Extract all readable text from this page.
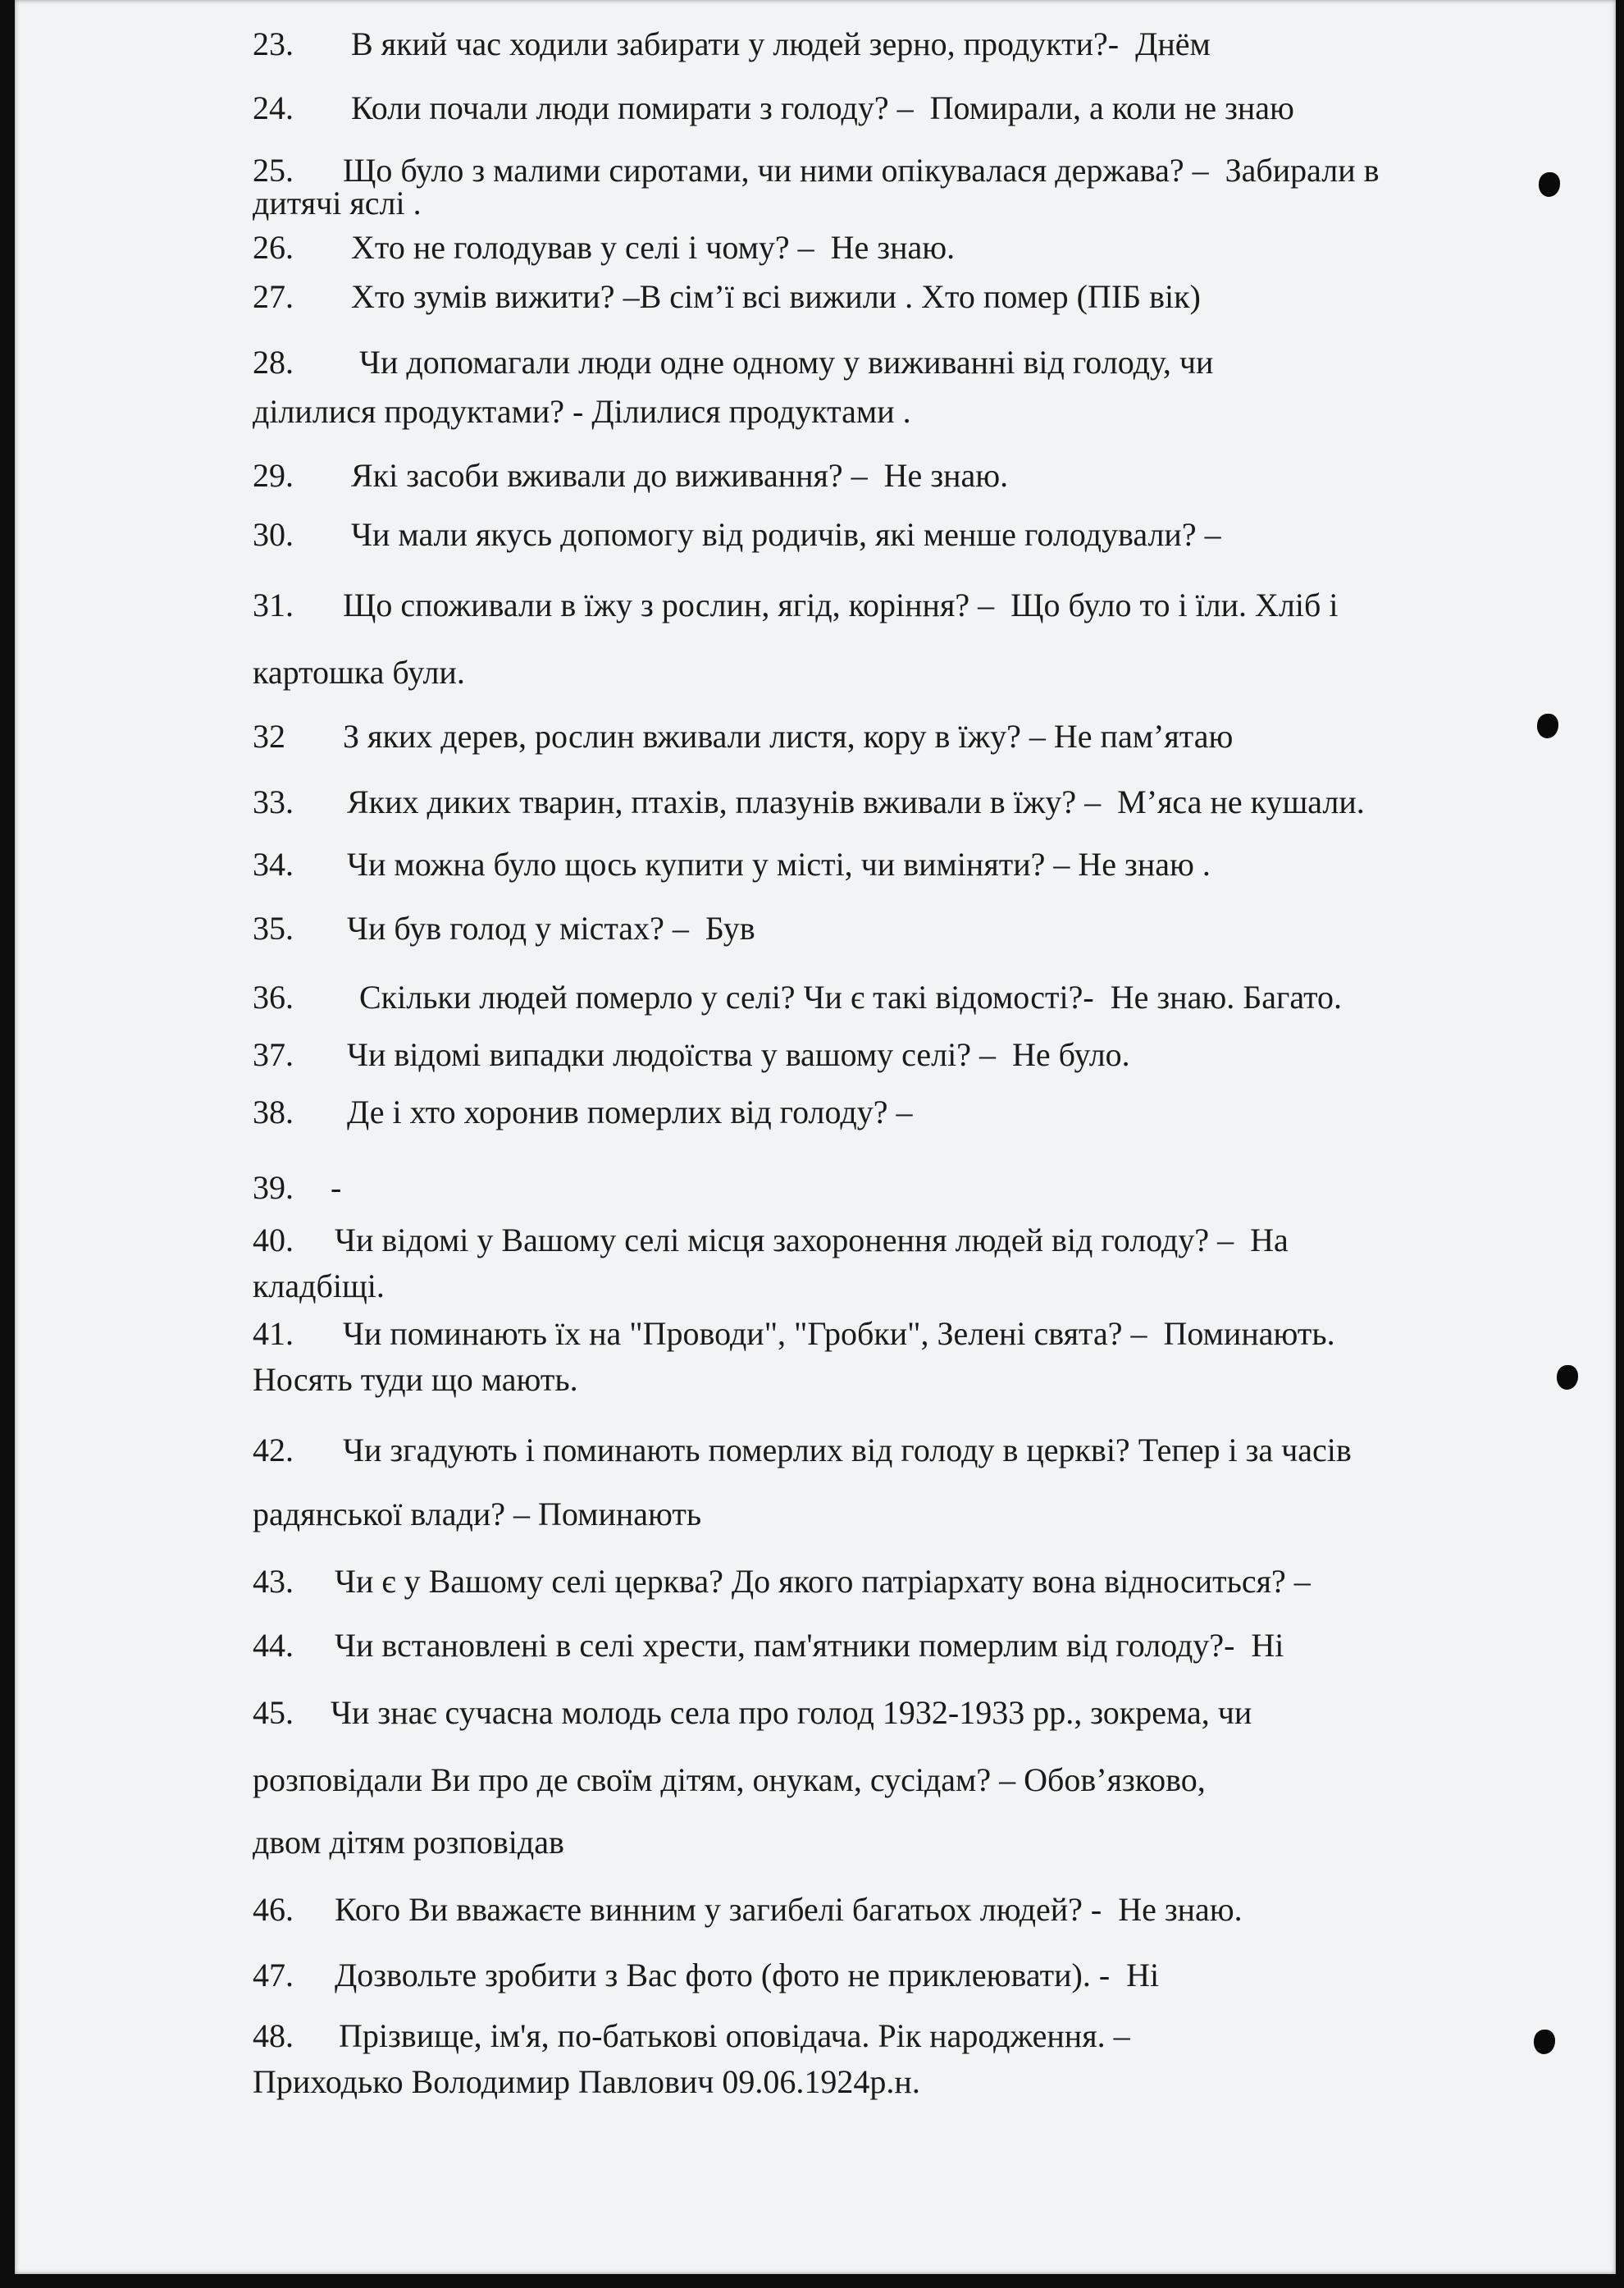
23. В який час ходили забирати у людей зерно, продукти?- Днём
24. Коли почали люди помирати з голоду? – Помирали, а коли не знаю
25. Що було з малими сиротами, чи ними опікувалася держава? – Забирали в
дитячі яслі .
26. Хто не голодував у селі і чому? – Не знаю.
27. Хто зумів вижити? –В сім’ї всі вижили . Хто помер (ПІБ вік)
28. Чи допомагали люди одне одному у виживанні від голоду, чи
ділилися продуктами? - Ділилися продуктами .
29. Які засоби вживали до виживання? – Не знаю.
30. Чи мали якусь допомогу від родичів, які менше голодували? –
31. Що споживали в їжу з рослин, ягід, коріння? – Що було то і їли. Хліб і
картошка були.
32 З яких дерев, рослин вживали листя, кору в їжу? – Не пам’ятаю
33. Яких диких тварин, птахів, плазунів вживали в їжу? – М’яса не кушали.
34. Чи можна було щось купити у місті, чи виміняти? – Не знаю .
35. Чи був голод у містах? – Був
36. Скільки людей померло у селі? Чи є такі відомості?- Не знаю. Багато.
37. Чи відомі випадки людоїства у вашому селі? – Не було.
38. Де і хто хоронив померлих від голоду? –
39. -
40. Чи відомі у Вашому селі місця захоронення людей від голоду? – На
кладбіщі.
41. Чи поминають їх на "Проводи", "Гробки", Зелені свята? – Поминають.
Носять туди що мають.
42. Чи згадують і поминають померлих від голоду в церкві? Тепер і за часів
радянської влади? – Поминають
43. Чи є у Вашому селі церква? До якого патріархату вона відноситься? –
44. Чи встановлені в селі хрести, пам'ятники померлим від голоду?- Ні
45. Чи знає сучасна молодь села про голод 1932-1933 рр., зокрема, чи
розповідали Ви про де своїм дітям, онукам, сусідам? – Обов’язково,
двом дітям розповідав
46. Кого Ви вважаєте винним у загибелі багатьох людей? - Не знаю.
47. Дозвольте зробити з Вас фото (фото не приклеювати). - Ні
48. Прізвище, ім'я, по-батькові оповідача. Рік народження. –
Приходько Володимир Павлович 09.06.1924р.н.
